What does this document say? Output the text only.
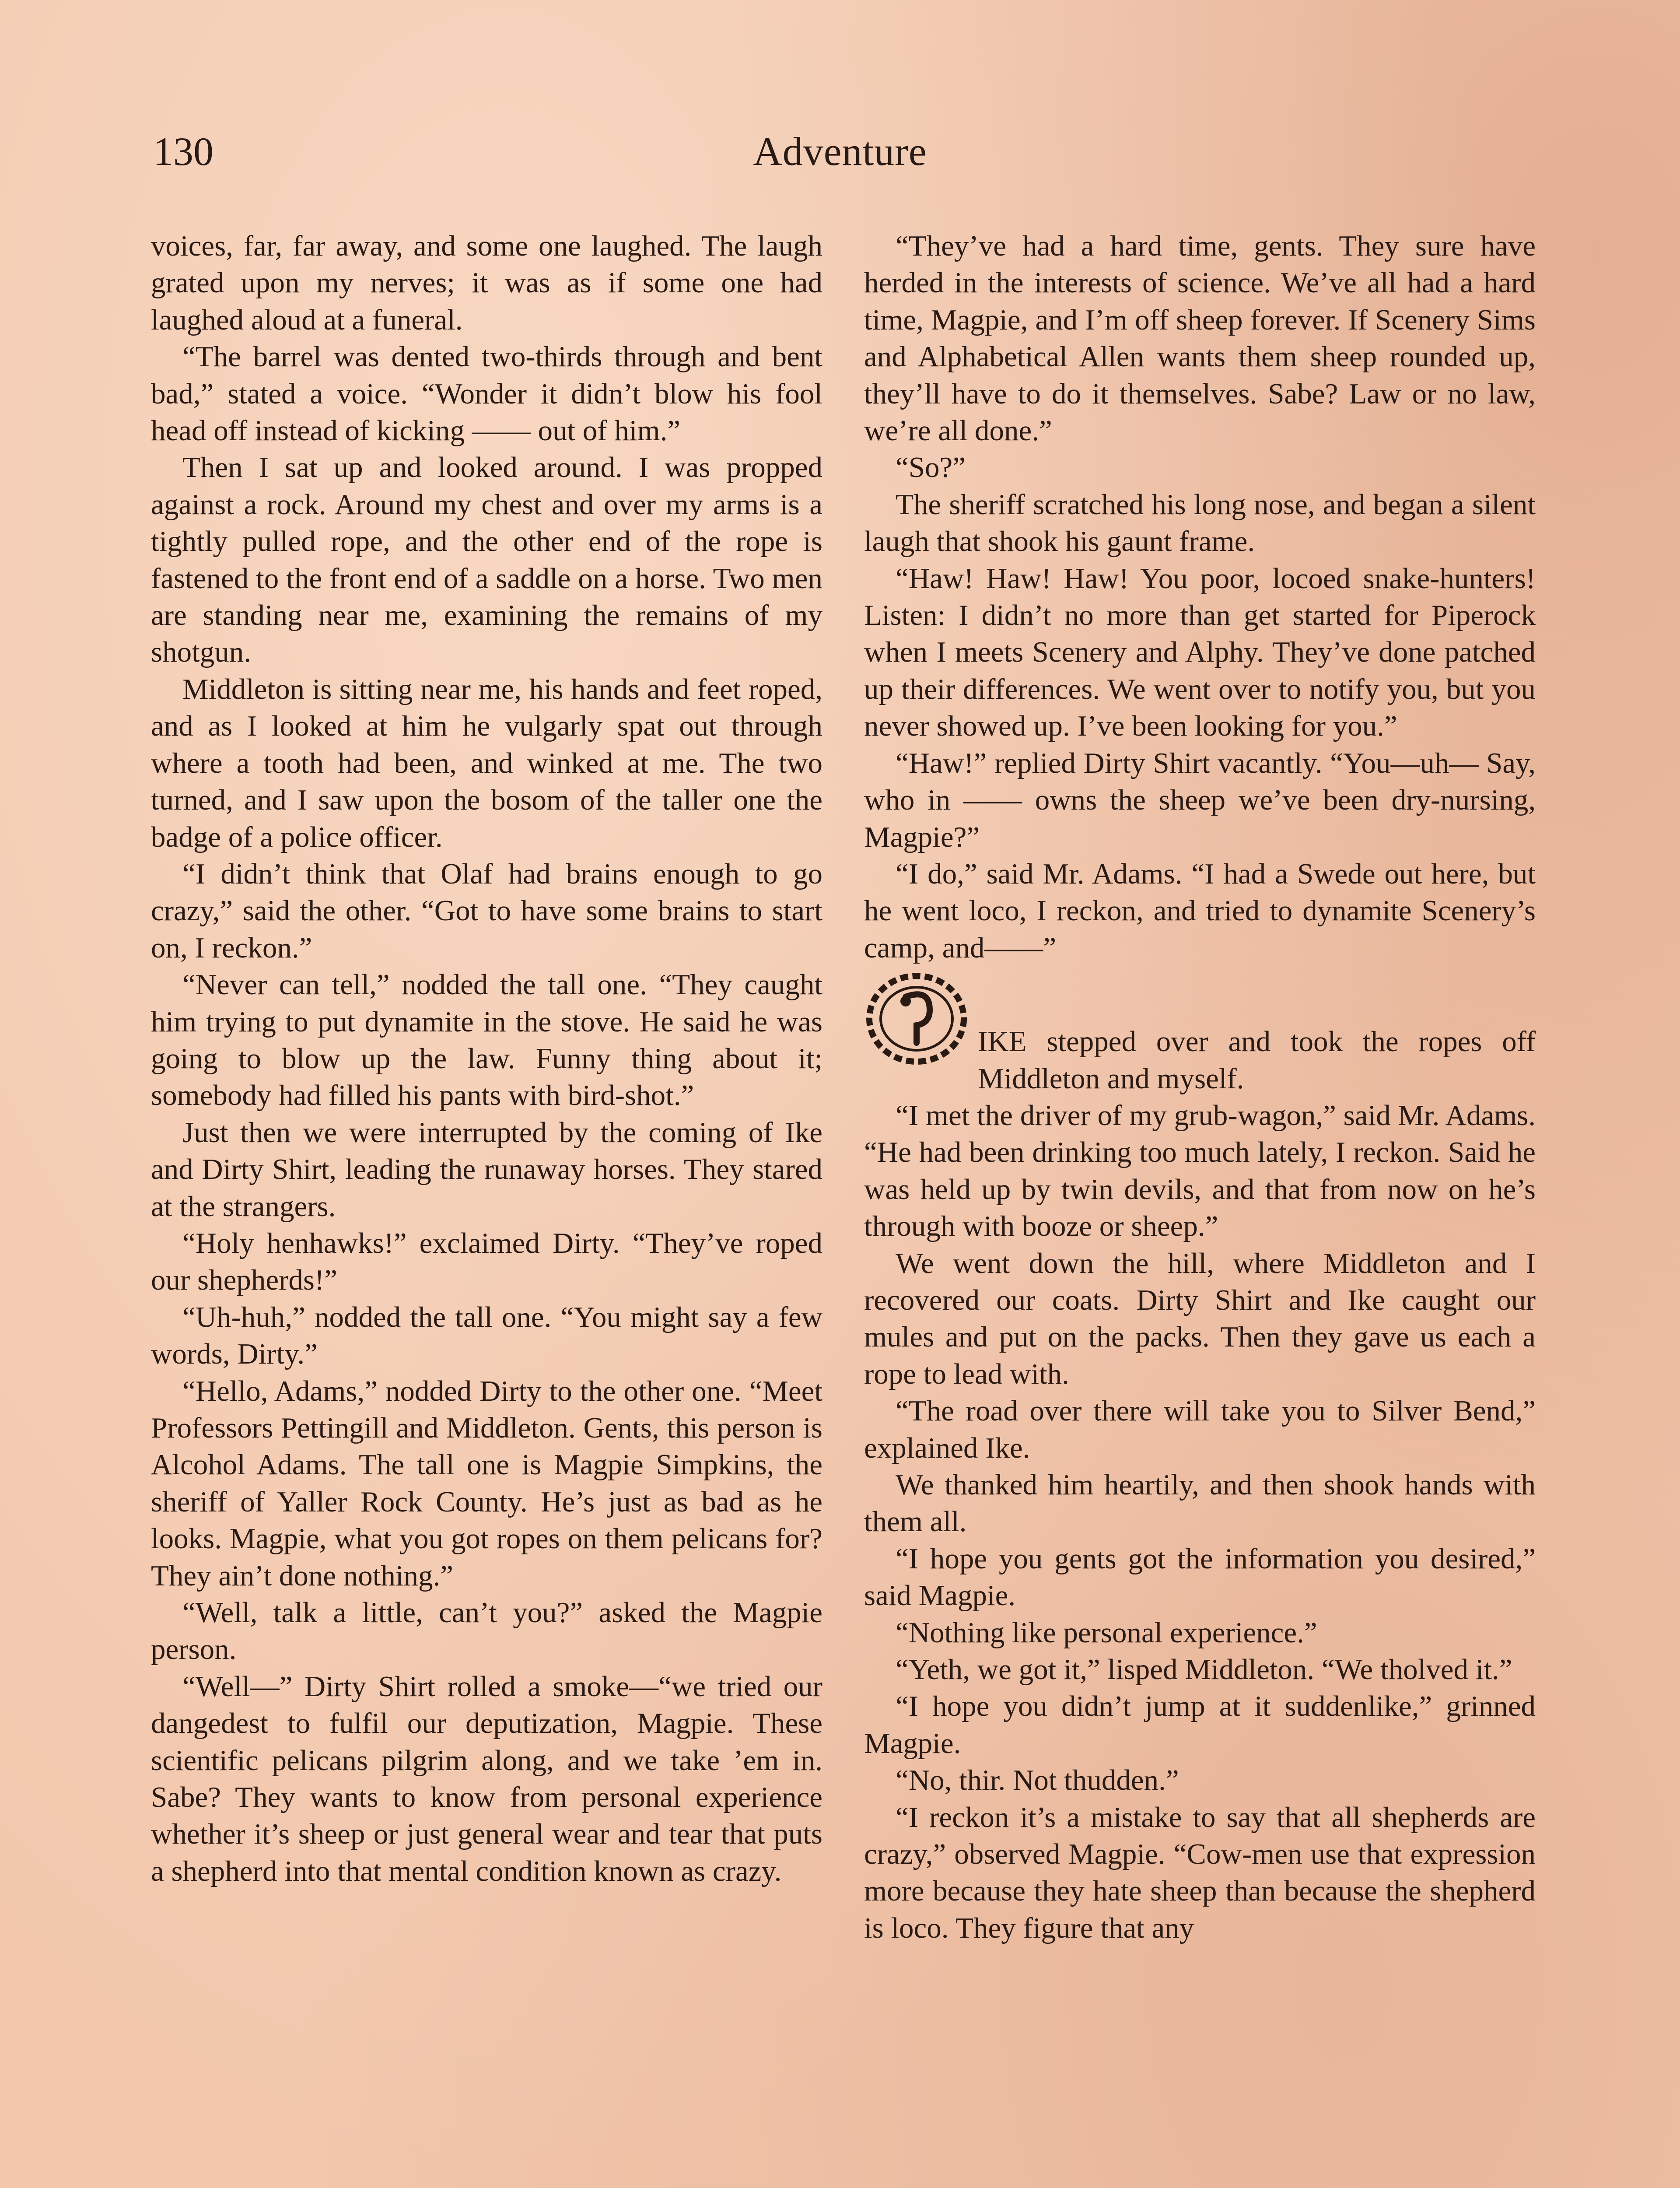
130	Adventure

voices, far, far away, and some one laughed. The laugh grated upon my nerves; it was as if some one had laughed aloud at a funeral.

“The barrel was dented two-thirds through and bent bad,” stated a voice. “Wonder it didn’t blow his fool head off instead of kicking —— out of him.”

Then I sat up and looked around. I was propped against a rock. Around my chest and over my arms is a tightly pulled rope, and the other end of the rope is fastened to the front end of a saddle on a horse. Two men are standing near me, examining the remains of my shotgun.

Middleton is sitting near me, his hands and feet roped, and as I looked at him he vulgarly spat out through where a tooth had been, and winked at me. The two turned, and I saw upon the bosom of the taller one the badge of a police officer.

“I didn’t think that Olaf had brains enough to go crazy,” said the other. “Got to have some brains to start on, I reckon.”

“Never can tell,” nodded the tall one. “They caught him trying to put dynamite in the stove. He said he was going to blow up the law. Funny thing about it; somebody had filled his pants with bird-shot.”

Just then we were interrupted by the coming of Ike and Dirty Shirt, leading the runaway horses. They stared at the strangers.

“Holy henhawks!” exclaimed Dirty. “They’ve roped our shepherds!”

“Uh-huh,” nodded the tall one. “You might say a few words, Dirty.”

“Hello, Adams,” nodded Dirty to the other one. “Meet Professors Pettingill and Middleton. Gents, this person is Alcohol Adams. The tall one is Magpie Simpkins, the sheriff of Yaller Rock County. He’s just as bad as he looks. Magpie, what you got ropes on them pelicans for? They ain’t done nothing.”

“Well, talk a little, can’t you?” asked the Magpie person.

“Well—” Dirty Shirt rolled a smoke—“we tried our dangedest to fulfil our deputization, Magpie. These scientific pelicans pilgrim along, and we take ’em in. Sabe? They wants to know from personal experience whether it’s sheep or just general wear and tear that puts a shepherd into that mental condition known as crazy.

“They’ve had a hard time, gents. They sure have herded in the interests of science. We’ve all had a hard time, Magpie, and I’m off sheep forever. If Scenery Sims and Alphabetical Allen wants them sheep rounded up, they’ll have to do it themselves. Sabe? Law or no law, we’re all done.”

“So?”

The sheriff scratched his long nose, and began a silent laugh that shook his gaunt frame.

“Haw! Haw! Haw! You poor, locoed snake-hunters! Listen: I didn’t no more than get started for Piperock when I meets Scenery and Alphy. They’ve done patched up their differences. We went over to notify you, but you never showed up. I’ve been looking for you.”

“Haw!” replied Dirty Shirt vacantly. “You—uh— Say, who in —— owns the sheep we’ve been dry-nursing, Magpie?”

“I do,” said Mr. Adams. “I had a Swede out here, but he went loco, I reckon, and tried to dynamite Scenery’s camp, and——”

IKE stepped over and took the ropes off Middleton and myself.

“I met the driver of my grub-wagon,” said Mr. Adams. “He had been drinking too much lately, I reckon. Said he was held up by twin devils, and that from now on he’s through with booze or sheep.”

We went down the hill, where Middleton and I recovered our coats. Dirty Shirt and Ike caught our mules and put on the packs. Then they gave us each a rope to lead with.

“The road over there will take you to Silver Bend,” explained Ike.

We thanked him heartily, and then shook hands with them all.

“I hope you gents got the information you desired,” said Magpie.

“Nothing like personal experience.”

“Yeth, we got it,” lisped Middleton. “We tholved it.”

“I hope you didn’t jump at it suddenlike,” grinned Magpie.

“No, thir. Not thudden.”

“I reckon it’s a mistake to say that all shepherds are crazy,” observed Magpie. “Cow-men use that expression more because they hate sheep than because the shepherd is loco. They figure that any
